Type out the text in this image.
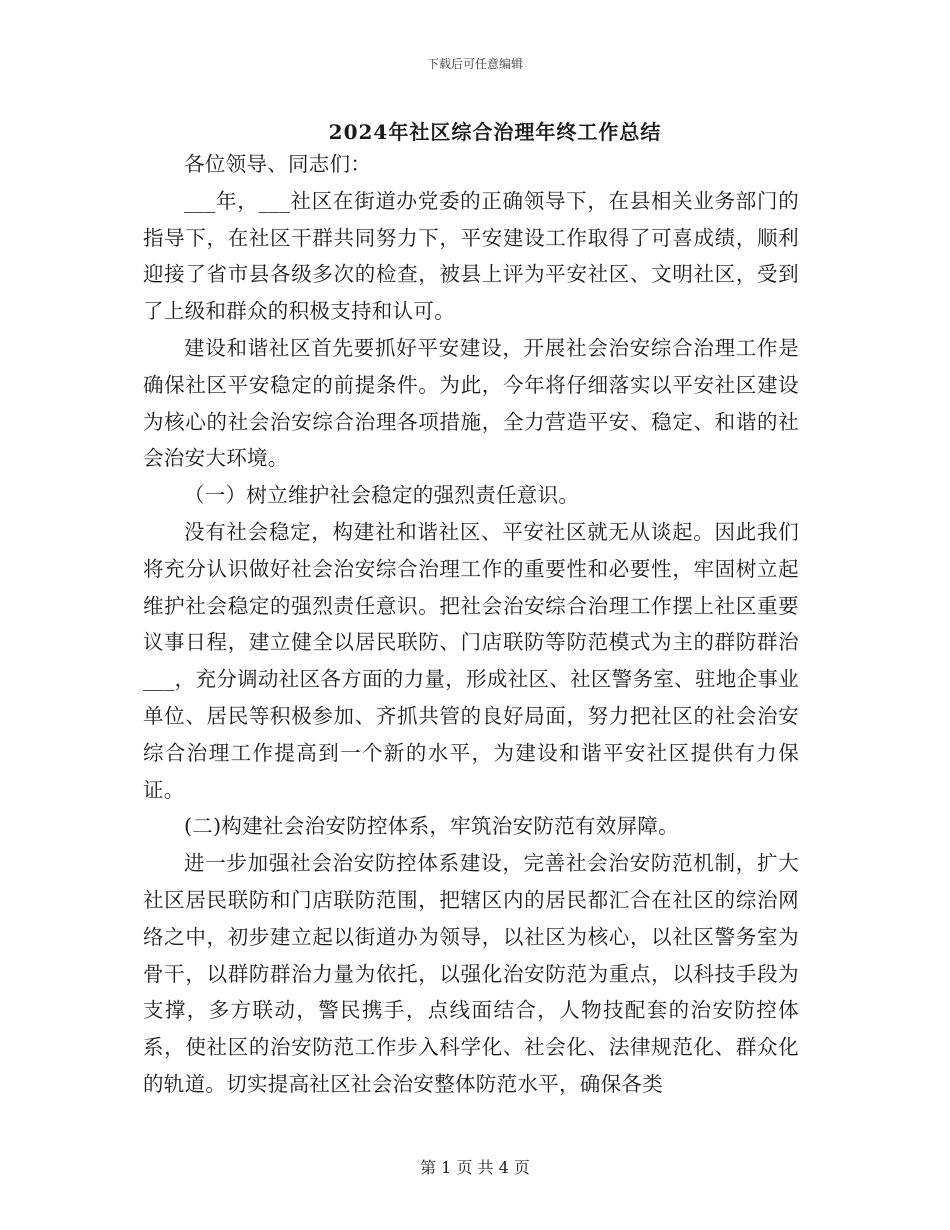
下载后可任意编辑
2024年社区综合治理年终工作总结

各位领导、同志们：

___年，___社区在街道办党委的正确领导下，在县相关业务部门的指导下，在社区干群共同努力下，平安建设工作取得了可喜成绩，顺利迎接了省市县各级多次的检查，被县上评为平安社区、文明社区，受到了上级和群众的积极支持和认可。

建设和谐社区首先要抓好平安建设，开展社会治安综合治理工作是确保社区平安稳定的前提条件。为此，今年将仔细落实以平安社区建设为核心的社会治安综合治理各项措施，全力营造平安、稳定、和谐的社会治安大环境。

（一）树立维护社会稳定的强烈责任意识。

没有社会稳定，构建社和谐社区、平安社区就无从谈起。因此我们将充分认识做好社会治安综合治理工作的重要性和必要性，牢固树立起维护社会稳定的强烈责任意识。把社会治安综合治理工作摆上社区重要议事日程，建立健全以居民联防、门店联防等防范模式为主的群防群治___，充分调动社区各方面的力量，形成社区、社区警务室、驻地企事业单位、居民等积极参加、齐抓共管的良好局面，努力把社区的社会治安综合治理工作提高到一个新的水平，为建设和谐平安社区提供有力保证。

(二)构建社会治安防控体系，牢筑治安防范有效屏障。

进一步加强社会治安防控体系建设，完善社会治安防范机制，扩大社区居民联防和门店联防范围，把辖区内的居民都汇合在社区的综治网络之中，初步建立起以街道办为领导，以社区为核心，以社区警务室为骨干，以群防群治力量为依托，以强化治安防范为重点，以科技手段为支撑，多方联动，警民携手，点线面结合，人物技配套的治安防控体系，使社区的治安防范工作步入科学化、社会化、法律规范化、群众化的轨道。切实提高社区社会治安整体防范水平，确保各类

第 1 页 共 4 页
